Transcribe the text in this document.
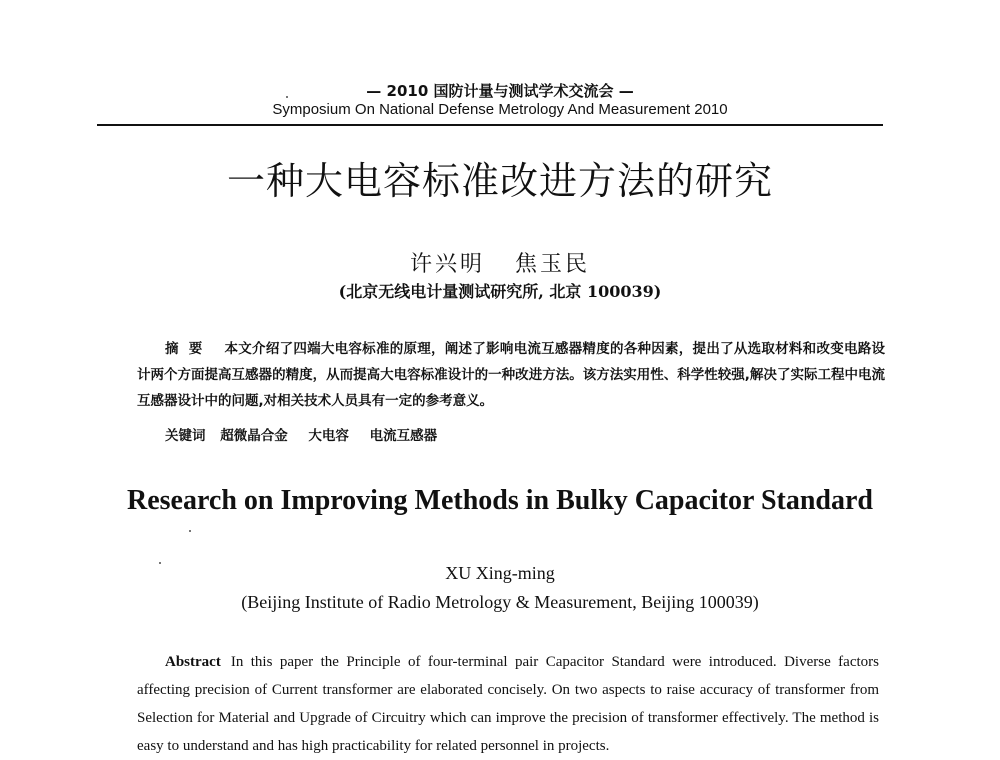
— 2010 国防计量与测试学术交流会 —
Symposium On National Defense Metrology And Measurement 2010
一种大电容标准改进方法的研究
许兴明   焦玉民
(北京无线电计量测试研究所, 北京 100039)
摘要 本文介绍了四端大电容标准的原理，阐述了影响电流互感器精度的各种因素，提出了从选取材料和改变电路设计两个方面提高互感器的精度，从而提高大电容标准设计的一种改进方法。该方法实用性、科学性较强,解决了实际工程中电流互感器设计中的问题,对相关技术人员具有一定的参考意义。
关键词 超微晶合金 大电容 电流互感器
Research on Improving Methods in Bulky Capacitor Standard
XU Xing-ming
(Beijing Institute of Radio Metrology & Measurement, Beijing 100039)
Abstract In this paper the Principle of four-terminal pair Capacitor Standard were introduced. Diverse factors affecting precision of Current transformer are elaborated concisely. On two aspects to raise accuracy of transformer from Selection for Material and Upgrade of Circuitry which can improve the precision of transformer effectively. The method is easy to understand and has high practicability for related personnel in projects.
